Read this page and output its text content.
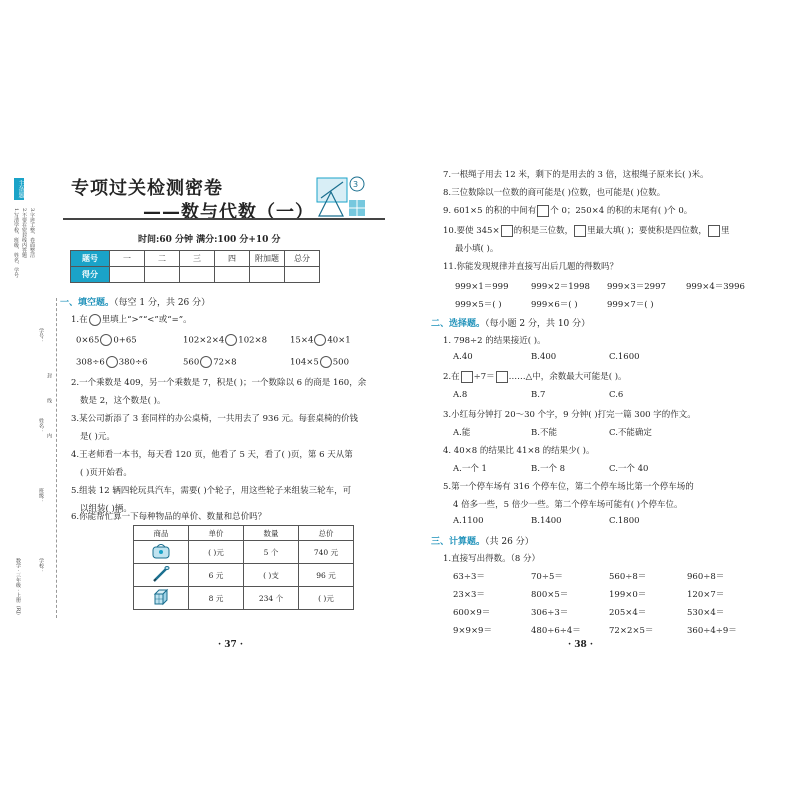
主备题
1.写清学校、班级、姓名、学号 2.不要在密封线内答题 3.字迹工整、卷面整洁
学号：
姓名：
班级：
学校：
封
线
内
数学 · 三年级 · 上册（RJ）
专项过关检测密卷
——数与代数（一）
3
时间:60 分钟 满分:100 分+10 分
题号	一	二	三	四	附加题	总分
得分						
一、填空题。（每空 1 分，共 26 分）
1.在 里填上“>”“<”或“=”。
0×65 0+65	102×2×4 102×8	15×4 40×1
308÷6 380÷6	560 72×8	104×5 500
2.一个乘数是 409，另一个乘数是 7，积是( )；一个数除以 6 的商是 160，余
数是 2，这个数是( )。
3.某公司新添了 3 套同样的办公桌椅，一共用去了 936 元。每套桌椅的价钱
是( )元。
4.王老师看一本书，每天看 120 页，他看了 5 天，看了( )页，第 6 天从第
( )页开始看。
5.组装 12 辆四轮玩具汽车，需要( )个轮子，用这些轮子来组装三轮车，可
以组装( )辆。
6.你能帮忙算一下每种物品的单价、数量和总价吗？
商品	单价	数量	总价
	( )元	5 个	740 元
	6 元	( )支	96 元
	8 元	234 个	( )元
· 37 ·
7.一根绳子用去 12 米，剩下的是用去的 3 倍，这根绳子原来长( )米。
8.三位数除以一位数的商可能是( )位数，也可能是( )位数。
9. 601×5 的积的中间有 个 0；250×4 的积的末尾有( )个 0。
10.要使 345× 的积是三位数， 里最大填( )；要使积是四位数， 里
最小填( )。
11.你能发现规律并直接写出后几题的得数吗？
999×1＝999	999×2＝1998 999×3＝2997 999×4＝3996
999×5＝( )	999×6＝( )	999×7＝( )
二、选择题。（每小题 2 分，共 10 分）
1. 798÷2 的结果接近( )。
A.40	B.400	C.1600
2.在 ÷7＝ ……△中，余数最大可能是( )。
A.8	B.7	C.6
3.小红每分钟打 20～30 个字，9 分钟( )打完一篇 300 字的作文。
A.能	B.不能	C.不能确定
4. 40×8 的结果比 41×8 的结果少( )。
A.一个 1	B.一个 8	C.一个 40
5.第一个停车场有 316 个停车位，第二个停车场比第一个停车场的
4 倍多一些，5 倍少一些。第二个停车场可能有( )个停车位。
A.1100	B.1400	C.1800
三、计算题。（共 26 分）
1.直接写出得数。（8 分）
63÷3＝	70÷5＝	560÷8＝	960÷8＝
23×3＝	800×5＝	199×0＝	120×7＝
600×9＝	306÷3＝	205×4＝	530×4＝
9×9×9＝	480÷6÷4＝	72×2×5＝	360÷4÷9＝
· 38 ·
